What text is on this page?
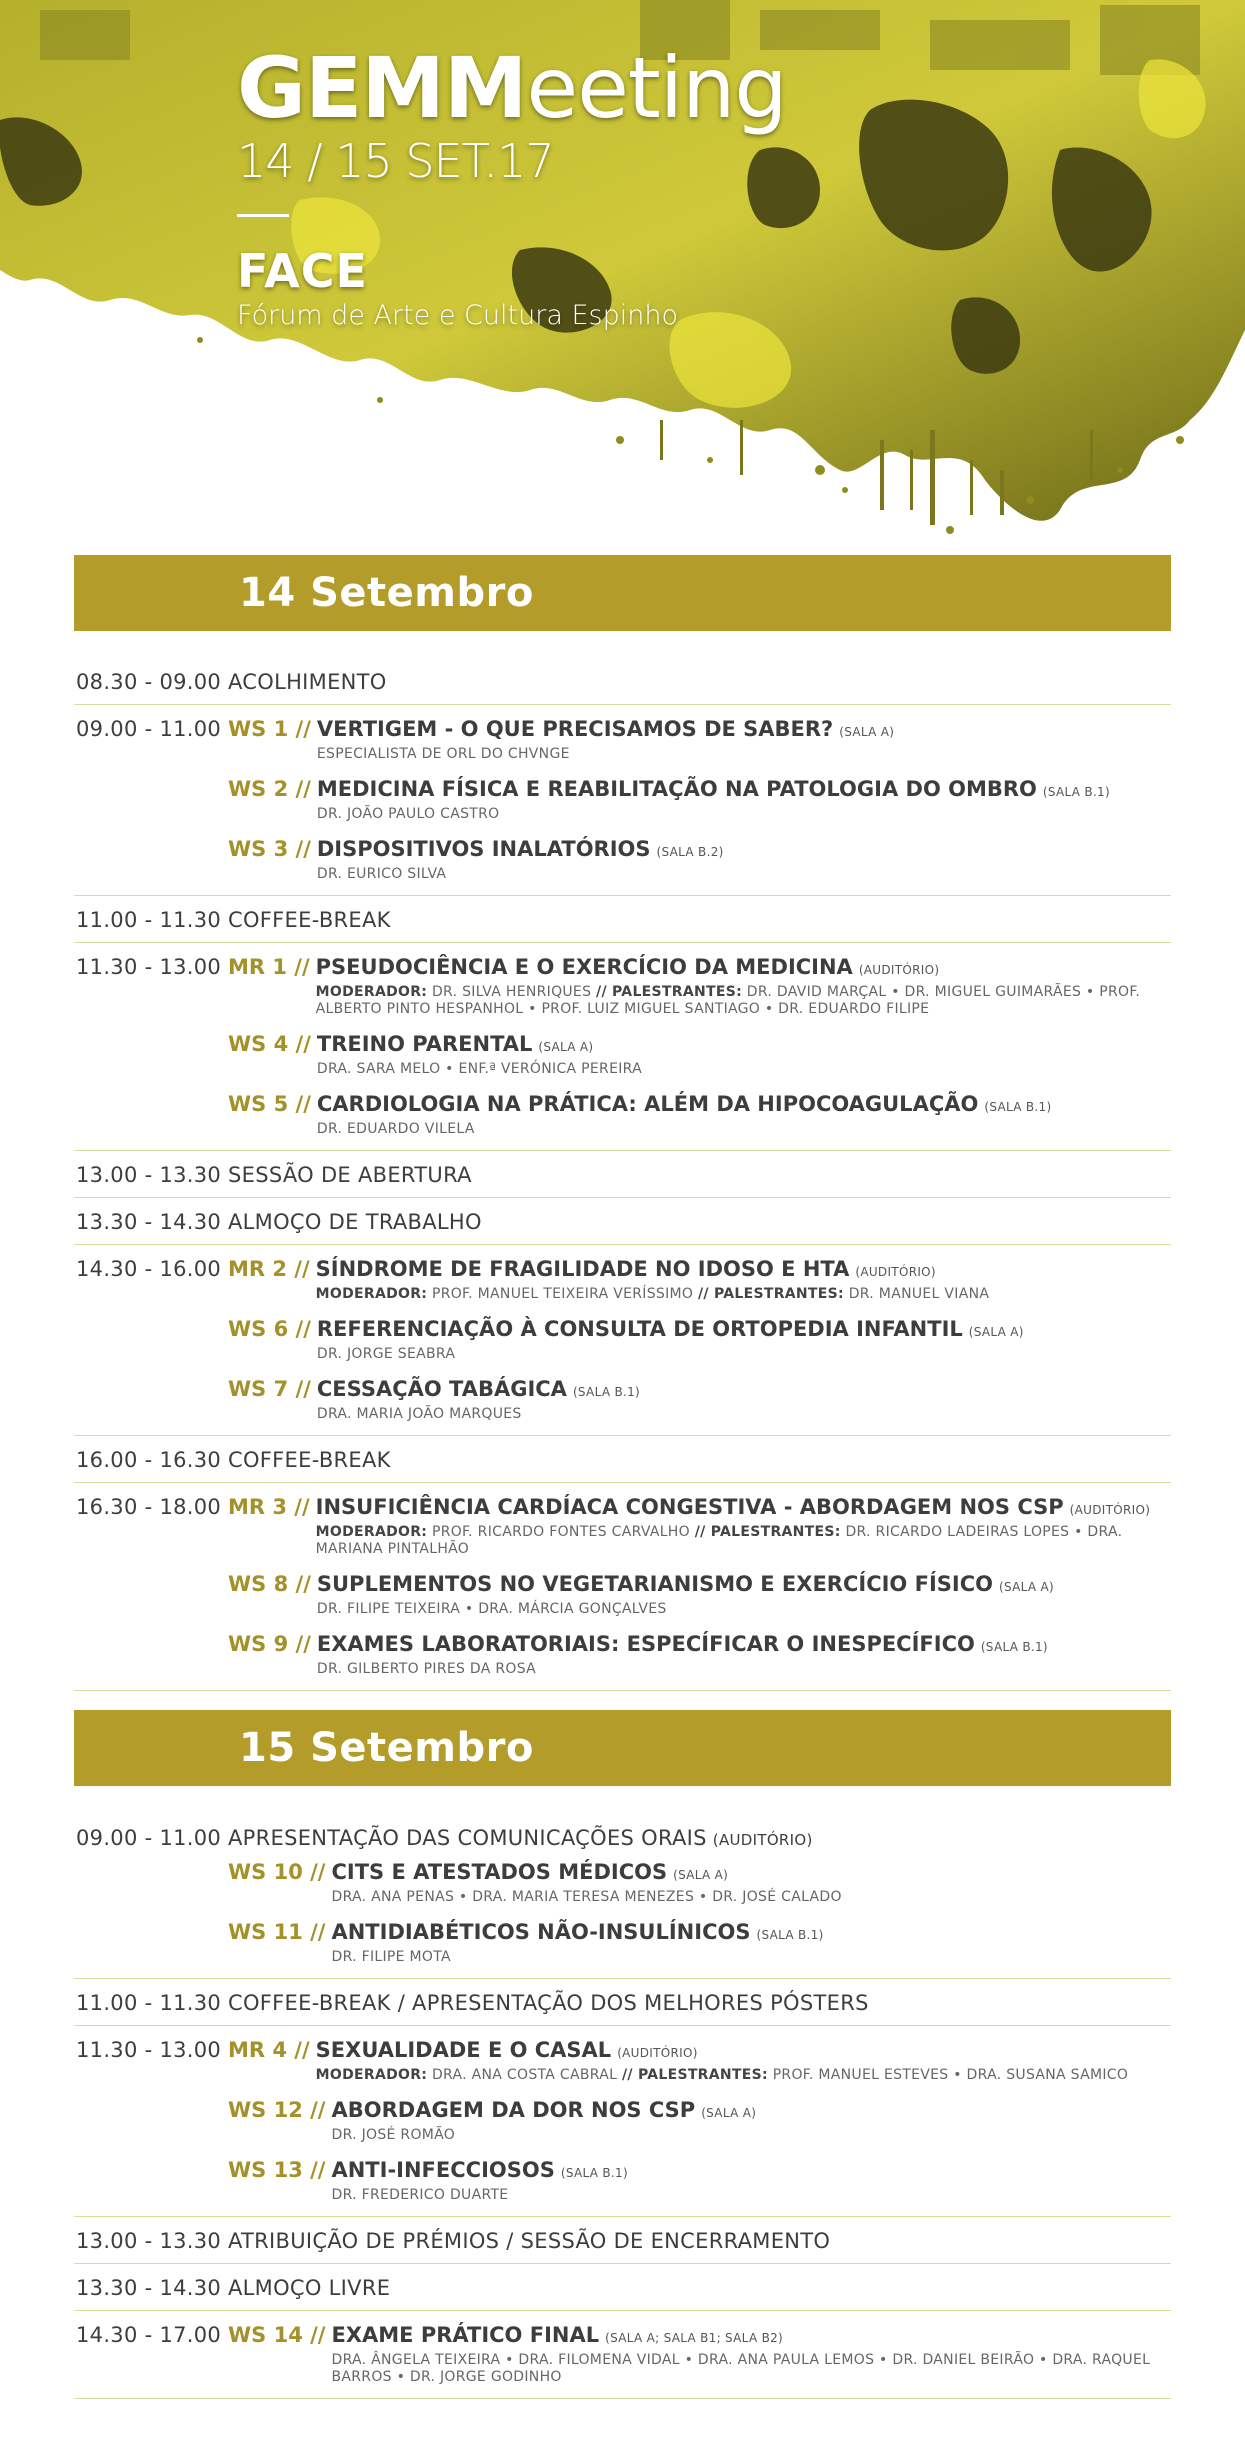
GEMMeeting
14 / 15 SET.17
FACE
Fórum de Arte e Cultura Espinho
14 Setembro
08.30 - 09.00 ACOLHIMENTO
09.00 - 11.00 WS 1 // VERTIGEM - O QUE PRECISAMOS DE SABER? (SALA A)
ESPECIALISTA DE ORL DO CHVNGE
WS 2 // MEDICINA FÍSICA E REABILITAÇÃO NA PATOLOGIA DO OMBRO (SALA B.1)
DR. JOÃO PAULO CASTRO
WS 3 // DISPOSITIVOS INALATÓRIOS (SALA B.2)
DR. EURICO SILVA
11.00 - 11.30 COFFEE-BREAK
11.30 - 13.00 MR 1 // PSEUDOCIÊNCIA E O EXERCÍCIO DA MEDICINA (AUDITÓRIO)
MODERADOR: DR. SILVA HENRIQUES // PALESTRANTES: DR. DAVID MARÇAL • DR. MIGUEL GUIMARÃES • PROF. ALBERTO PINTO HESPANHOL • PROF. LUIZ MIGUEL SANTIAGO • DR. EDUARDO FILIPE
WS 4 // TREINO PARENTAL (SALA A)
DRA. SARA MELO • ENF.ª VERÓNICA PEREIRA
WS 5 // CARDIOLOGIA NA PRÁTICA: ALÉM DA HIPOCOAGULAÇÃO (SALA B.1)
DR. EDUARDO VILELA
13.00 - 13.30 SESSÃO DE ABERTURA
13.30 - 14.30 ALMOÇO DE TRABALHO
14.30 - 16.00 MR 2 // SÍNDROME DE FRAGILIDADE NO IDOSO E HTA (AUDITÓRIO)
MODERADOR: PROF. MANUEL TEIXEIRA VERÍSSIMO // PALESTRANTES: DR. MANUEL VIANA
WS 6 // REFERENCIAÇÃO À CONSULTA DE ORTOPEDIA INFANTIL (SALA A)
DR. JORGE SEABRA
WS 7 // CESSAÇÃO TABÁGICA (SALA B.1)
DRA. MARIA JOÃO MARQUES
16.00 - 16.30 COFFEE-BREAK
16.30 - 18.00 MR 3 // INSUFICIÊNCIA CARDÍACA CONGESTIVA - ABORDAGEM NOS CSP (AUDITÓRIO)
MODERADOR: PROF. RICARDO FONTES CARVALHO // PALESTRANTES: DR. RICARDO LADEIRAS LOPES • DRA. MARIANA PINTALHÃO
WS 8 // SUPLEMENTOS NO VEGETARIANISMO E EXERCÍCIO FÍSICO (SALA A)
DR. FILIPE TEIXEIRA • DRA. MÁRCIA GONÇALVES
WS 9 // EXAMES LABORATORIAIS: ESPECÍFICAR O INESPECÍFICO (SALA B.1)
DR. GILBERTO PIRES DA ROSA
15 Setembro
09.00 - 11.00 APRESENTAÇÃO DAS COMUNICAÇÕES ORAIS (AUDITÓRIO)
WS 10 // CITS E ATESTADOS MÉDICOS (SALA A)
DRA. ANA PENAS • DRA. MARIA TERESA MENEZES • DR. JOSÉ CALADO
WS 11 // ANTIDIABÉTICOS NÃO-INSULÍNICOS (SALA B.1)
DR. FILIPE MOTA
11.00 - 11.30 COFFEE-BREAK / APRESENTAÇÃO DOS MELHORES PÓSTERS
11.30 - 13.00 MR 4 // SEXUALIDADE E O CASAL (AUDITÓRIO)
MODERADOR: DRA. ANA COSTA CABRAL // PALESTRANTES: PROF. MANUEL ESTEVES • DRA. SUSANA SAMICO
WS 12 // ABORDAGEM DA DOR NOS CSP (SALA A)
DR. JOSÉ ROMÃO
WS 13 // ANTI-INFECCIOSOS (SALA B.1)
DR. FREDERICO DUARTE
13.00 - 13.30 ATRIBUIÇÃO DE PRÉMIOS / SESSÃO DE ENCERRAMENTO
13.30 - 14.30 ALMOÇO LIVRE
14.30 - 17.00 WS 14 // EXAME PRÁTICO FINAL (SALA A; SALA B1; SALA B2)
DRA. ÂNGELA TEIXEIRA • DRA. FILOMENA VIDAL • DRA. ANA PAULA LEMOS • DR. DANIEL BEIRÃO • DRA. RAQUEL BARROS • DR. JORGE GODINHO
